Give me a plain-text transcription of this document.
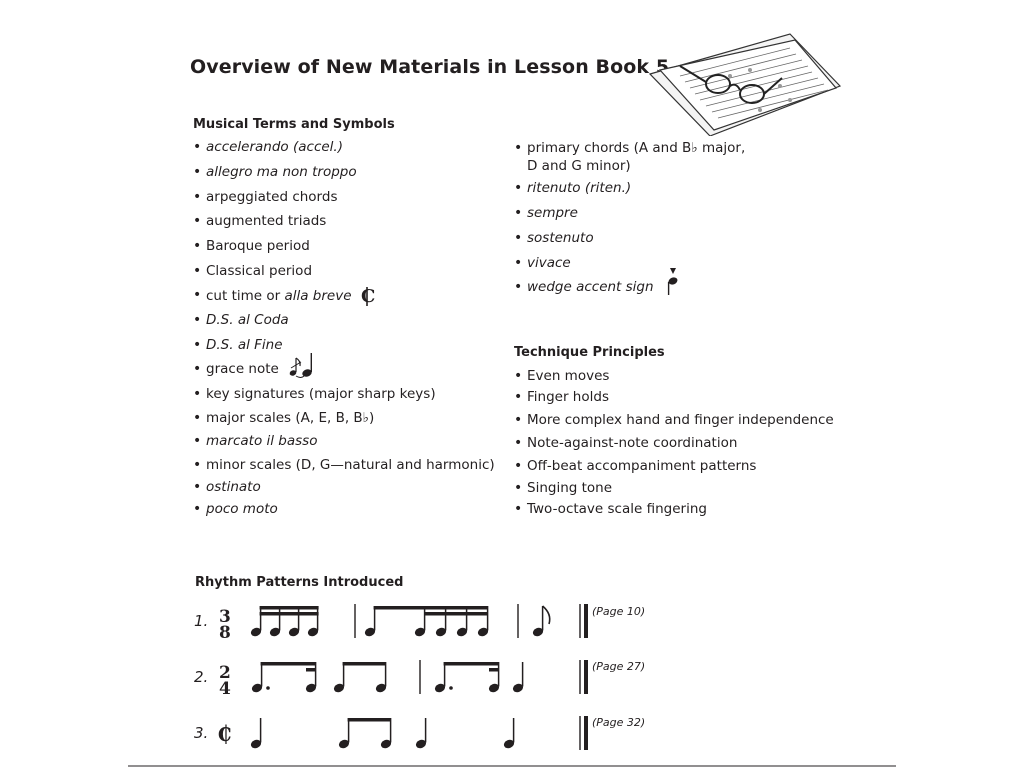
Overview of New Materials in Lesson Book 5
Musical Terms and Symbols
• accelerando (accel.)
• allegro ma non troppo
• arpeggiated chords
• augmented triads
• Baroque period
• Classical period
• cut time or alla breve C
• D.S. al Coda
• D.S. al Fine
• grace note
• key signatures (major sharp keys)
• major scales (A, E, B, B♭)
• marcato il basso
• minor scales (D, G—natural and harmonic)
• ostinato
• poco moto
• primary chords (A and B♭ major,
D and G minor)
• ritenuto (riten.)
• sempre
• sostenuto
• vivace
• wedge accent sign
Technique Principles
• Even moves
• Finger holds
• More complex hand and finger independence
• Note-against-note coordination
• Off-beat accompaniment patterns
• Singing tone
• Two-octave scale fingering
Rhythm Patterns Introduced
1.
2.
3.
(Page 10)
(Page 27)
(Page 32)
3
8
2
4
₵
